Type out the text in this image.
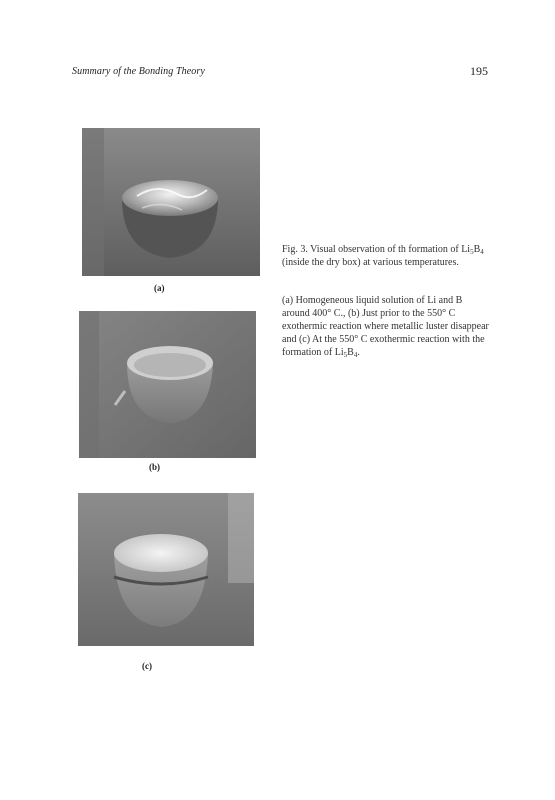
Summary of the Bonding Theory	195
(a)
(b)
(c)
Fig. 3. Visual observation of th formation of $Li_5B_4$ (inside the dry box) at various temperatures.
(a) Homogeneous liquid solution of Li and B around 400° C., (b) Just prior to the 550° C exothermic reaction where metallic luster disappear and (c) At the 550° C exothermic reaction with the formation of $Li_5B_4$.
